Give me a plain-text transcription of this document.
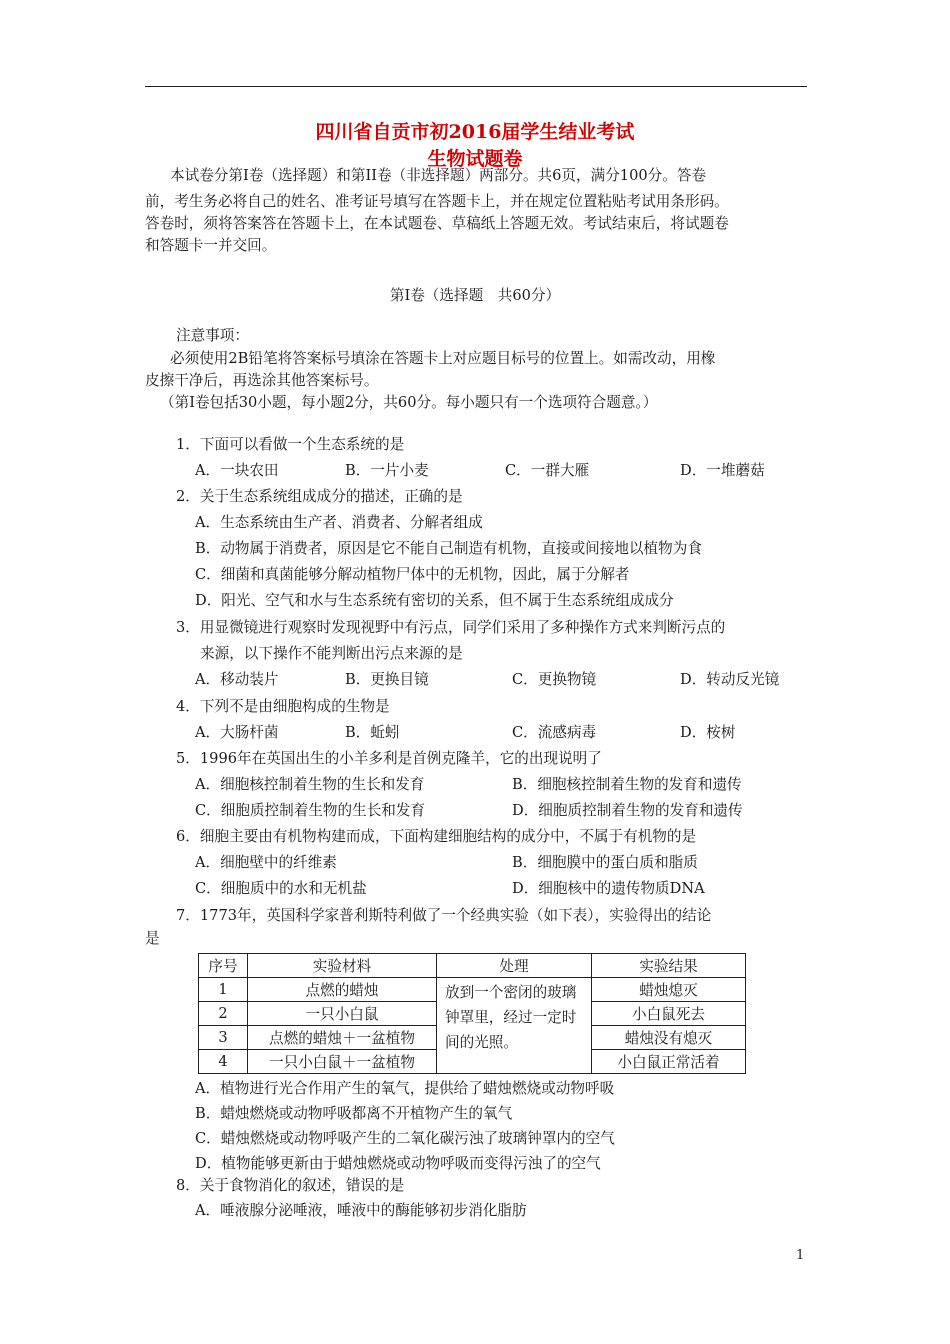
四川省自贡市初2016届学生结业考试
生物试题卷
本试卷分第Ⅰ卷（选择题）和第II卷（非选择题）两部分。共6页，满分100分。答卷
前，考生务必将自己的姓名、准考证号填写在答题卡上，并在规定位置粘贴考试用条形码。
答卷时，须将答案答在答题卡上，在本试题卷、草稿纸上答题无效。考试结束后，将试题卷
和答题卡一并交回。
第Ⅰ卷（选择题　共60分）
注意事项：
必须使用2B铅笔将答案标号填涂在答题卡上对应题目标号的位置上。如需改动，用橡
皮擦干净后，再选涂其他答案标号。
（第Ⅰ卷包括30小题，每小题2分，共60分。每小题只有一个选项符合题意。）
1．下面可以看做一个生态系统的是
A．一块农田	B．一片小麦	C．一群大雁	D．一堆蘑菇
2．关于生态系统组成成分的描述，正确的是
A．生态系统由生产者、消费者、分解者组成
B．动物属于消费者，原因是它不能自己制造有机物，直接或间接地以植物为食
C．细菌和真菌能够分解动植物尸体中的无机物，因此，属于分解者
D．阳光、空气和水与生态系统有密切的关系，但不属于生态系统组成成分
3．用显微镜进行观察时发现视野中有污点，同学们采用了多种操作方式来判断污点的
来源，以下操作不能判断出污点来源的是
A．移动装片	B．更换目镜	C．更换物镜	D．转动反光镜
4．下列不是由细胞构成的生物是
A．大肠杆菌	B．蚯蚓	C．流感病毒	D．桉树
5．1996年在英国出生的小羊多利是首例克隆羊，它的出现说明了
A．细胞核控制着生物的生长和发育	B．细胞核控制着生物的发育和遗传
C．细胞质控制着生物的生长和发育	D．细胞质控制着生物的发育和遗传
6．细胞主要由有机物构建而成，下面构建细胞结构的成分中，不属于有机物的是
A．细胞壁中的纤维素	B．细胞膜中的蛋白质和脂质
C．细胞质中的水和无机盐	D．细胞核中的遗传物质DNA
7．1773年，英国科学家普利斯特利做了一个经典实验（如下表），实验得出的结论
是
序号	实验材料	处理	实验结果
1	点燃的蜡烛	放到一个密闭的玻璃钟罩里，经过一定时间的光照。	蜡烛熄灭
2	一只小白鼠		小白鼠死去
3	点燃的蜡烛＋一盆植物		蜡烛没有熄灭
4	一只小白鼠＋一盆植物		小白鼠正常活着
A．植物进行光合作用产生的氧气，提供给了蜡烛燃烧或动物呼吸
B．蜡烛燃烧或动物呼吸都离不开植物产生的氧气
C．蜡烛燃烧或动物呼吸产生的二氧化碳污浊了玻璃钟罩内的空气
D．植物能够更新由于蜡烛燃烧或动物呼吸而变得污浊了的空气
8．关于食物消化的叙述，错误的是
A．唾液腺分泌唾液，唾液中的酶能够初步消化脂肪
1
